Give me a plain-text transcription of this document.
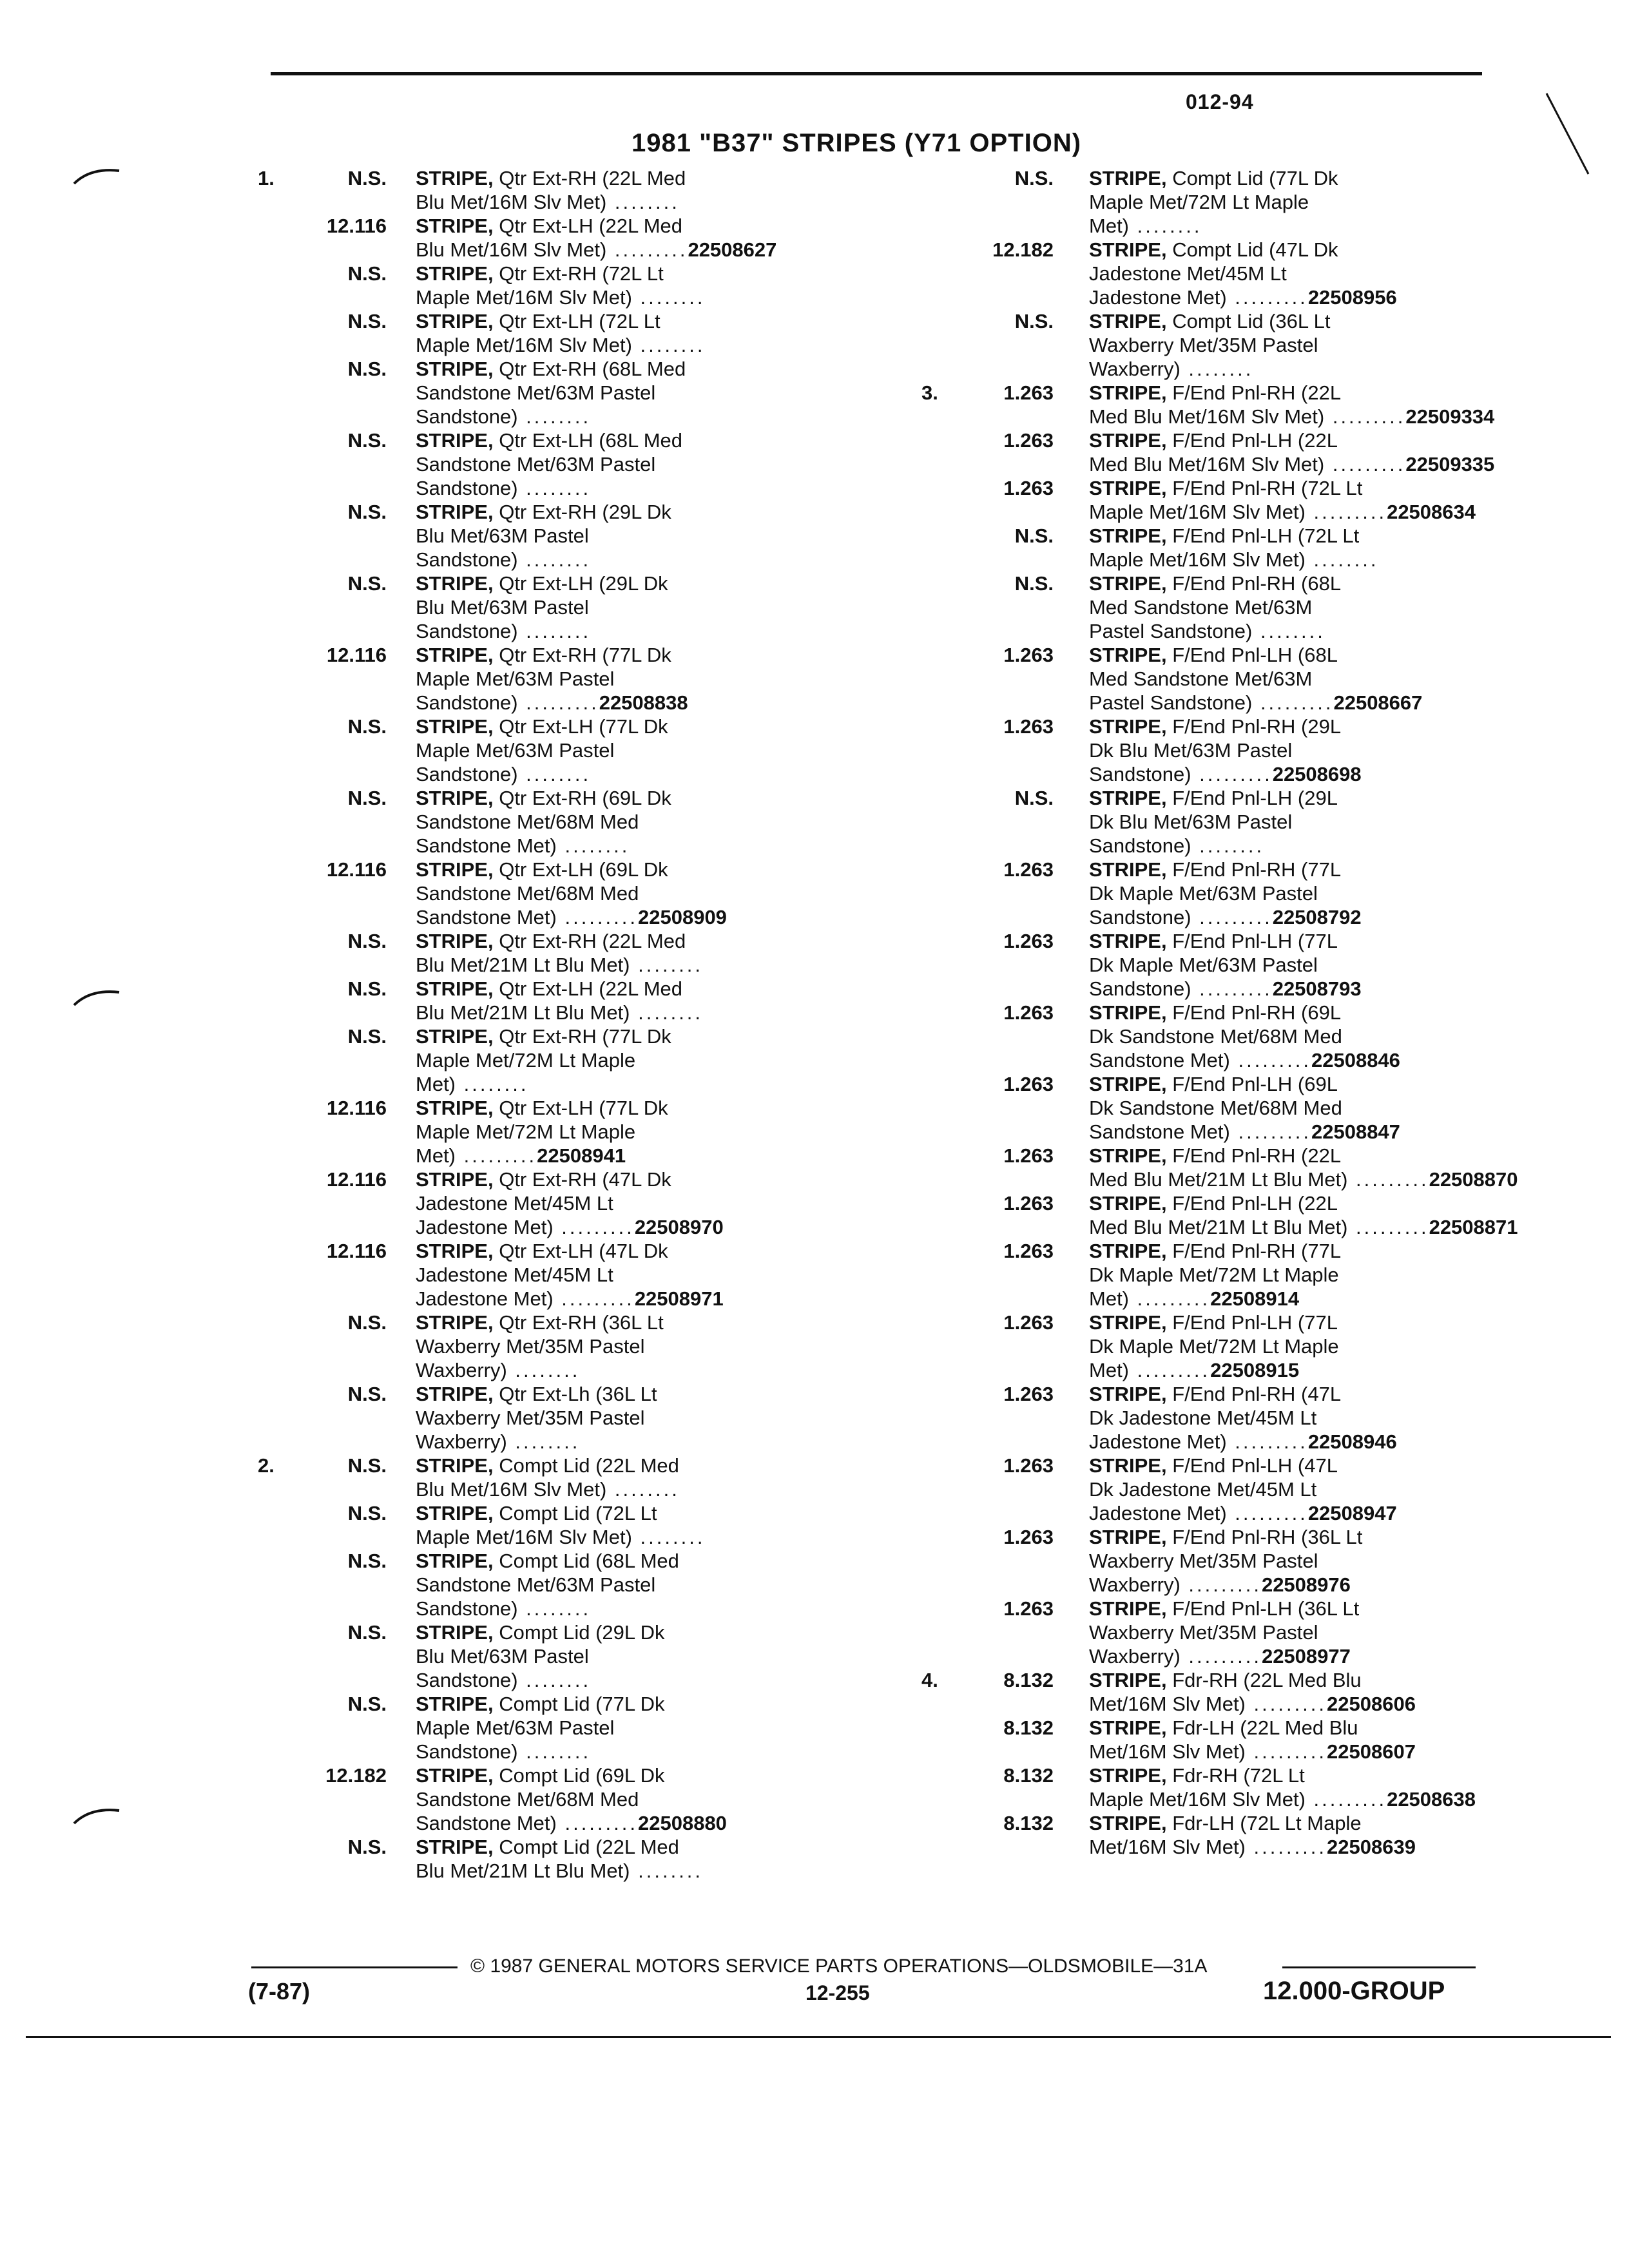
012-94
1981 "B37" STRIPES (Y71 OPTION)
1.	N.S. STRIPE, Qtr Ext-RH (22L Med
Blu Met/16M Slv Met) ........
12.116 STRIPE, Qtr Ext-LH (22L Med
Blu Met/16M Slv Met) .........22508627
N.S. STRIPE, Qtr Ext-RH (72L Lt
Maple Met/16M Slv Met) ........
N.S. STRIPE, Qtr Ext-LH (72L Lt
Maple Met/16M Slv Met) ........
N.S. STRIPE, Qtr Ext-RH (68L Med
Sandstone Met/63M Pastel
Sandstone) ........
N.S. STRIPE, Qtr Ext-LH (68L Med
Sandstone Met/63M Pastel
Sandstone) ........
N.S. STRIPE, Qtr Ext-RH (29L Dk
Blu Met/63M Pastel
Sandstone) ........
N.S. STRIPE, Qtr Ext-LH (29L Dk
Blu Met/63M Pastel
Sandstone) ........
12.116 STRIPE, Qtr Ext-RH (77L Dk
Maple Met/63M Pastel
Sandstone) .........22508838
N.S. STRIPE, Qtr Ext-LH (77L Dk
Maple Met/63M Pastel
Sandstone) ........
N.S. STRIPE, Qtr Ext-RH (69L Dk
Sandstone Met/68M Med
Sandstone Met) ........
12.116 STRIPE, Qtr Ext-LH (69L Dk
Sandstone Met/68M Med
Sandstone Met) .........22508909
N.S. STRIPE, Qtr Ext-RH (22L Med
Blu Met/21M Lt Blu Met) ........
N.S. STRIPE, Qtr Ext-LH (22L Med
Blu Met/21M Lt Blu Met) ........
N.S. STRIPE, Qtr Ext-RH (77L Dk
Maple Met/72M Lt Maple
Met) ........
12.116 STRIPE, Qtr Ext-LH (77L Dk
Maple Met/72M Lt Maple
Met) .........22508941
12.116 STRIPE, Qtr Ext-RH (47L Dk
Jadestone Met/45M Lt
Jadestone Met) .........22508970
12.116 STRIPE, Qtr Ext-LH (47L Dk
Jadestone Met/45M Lt
Jadestone Met) .........22508971
N.S. STRIPE, Qtr Ext-RH (36L Lt
Waxberry Met/35M Pastel
Waxberry) ........
N.S. STRIPE, Qtr Ext-Lh (36L Lt
Waxberry Met/35M Pastel
Waxberry) ........
2.	N.S. STRIPE, Compt Lid (22L Med
Blu Met/16M Slv Met) ........
N.S. STRIPE, Compt Lid (72L Lt
Maple Met/16M Slv Met) ........
N.S. STRIPE, Compt Lid (68L Med
Sandstone Met/63M Pastel
Sandstone) ........
N.S. STRIPE, Compt Lid (29L Dk
Blu Met/63M Pastel
Sandstone) ........
N.S. STRIPE, Compt Lid (77L Dk
Maple Met/63M Pastel
Sandstone) ........
12.182 STRIPE, Compt Lid (69L Dk
Sandstone Met/68M Med
Sandstone Met) .........22508880
N.S. STRIPE, Compt Lid (22L Med
Blu Met/21M Lt Blu Met) ........
N.S. STRIPE, Compt Lid (77L Dk
Maple Met/72M Lt Maple
Met) ........
12.182 STRIPE, Compt Lid (47L Dk
Jadestone Met/45M Lt
Jadestone Met) .........22508956
N.S. STRIPE, Compt Lid (36L Lt
Waxberry Met/35M Pastel
Waxberry) ........
3.	1.263 STRIPE, F/End Pnl-RH (22L
Med Blu Met/16M Slv Met) .........22509334
1.263 STRIPE, F/End Pnl-LH (22L
Med Blu Met/16M Slv Met) .........22509335
1.263 STRIPE, F/End Pnl-RH (72L Lt
Maple Met/16M Slv Met) .........22508634
N.S. STRIPE, F/End Pnl-LH (72L Lt
Maple Met/16M Slv Met) ........
N.S. STRIPE, F/End Pnl-RH (68L
Med Sandstone Met/63M
Pastel Sandstone) ........
1.263 STRIPE, F/End Pnl-LH (68L
Med Sandstone Met/63M
Pastel Sandstone) .........22508667
1.263 STRIPE, F/End Pnl-RH (29L
Dk Blu Met/63M Pastel
Sandstone) .........22508698
N.S. STRIPE, F/End Pnl-LH (29L
Dk Blu Met/63M Pastel
Sandstone) ........
1.263 STRIPE, F/End Pnl-RH (77L
Dk Maple Met/63M Pastel
Sandstone) .........22508792
1.263 STRIPE, F/End Pnl-LH (77L
Dk Maple Met/63M Pastel
Sandstone) .........22508793
1.263 STRIPE, F/End Pnl-RH (69L
Dk Sandstone Met/68M Med
Sandstone Met) .........22508846
1.263 STRIPE, F/End Pnl-LH (69L
Dk Sandstone Met/68M Med
Sandstone Met) .........22508847
1.263 STRIPE, F/End Pnl-RH (22L
Med Blu Met/21M Lt Blu Met) .........22508870
1.263 STRIPE, F/End Pnl-LH (22L
Med Blu Met/21M Lt Blu Met) .........22508871
1.263 STRIPE, F/End Pnl-RH (77L
Dk Maple Met/72M Lt Maple
Met) .........22508914
1.263 STRIPE, F/End Pnl-LH (77L
Dk Maple Met/72M Lt Maple
Met) .........22508915
1.263 STRIPE, F/End Pnl-RH (47L
Dk Jadestone Met/45M Lt
Jadestone Met) .........22508946
1.263 STRIPE, F/End Pnl-LH (47L
Dk Jadestone Met/45M Lt
Jadestone Met) .........22508947
1.263 STRIPE, F/End Pnl-RH (36L Lt
Waxberry Met/35M Pastel
Waxberry) .........22508976
1.263 STRIPE, F/End Pnl-LH (36L Lt
Waxberry Met/35M Pastel
Waxberry) .........22508977
4.	8.132 STRIPE, Fdr-RH (22L Med Blu
Met/16M Slv Met) .........22508606
8.132 STRIPE, Fdr-LH (22L Med Blu
Met/16M Slv Met) .........22508607
8.132 STRIPE, Fdr-RH (72L Lt
Maple Met/16M Slv Met) .........22508638
8.132 STRIPE, Fdr-LH (72L Lt Maple
Met/16M Slv Met) .........22508639
© 1987 GENERAL MOTORS SERVICE PARTS OPERATIONS—OLDSMOBILE—31A
(7-87)	12-255	12.000-GROUP
